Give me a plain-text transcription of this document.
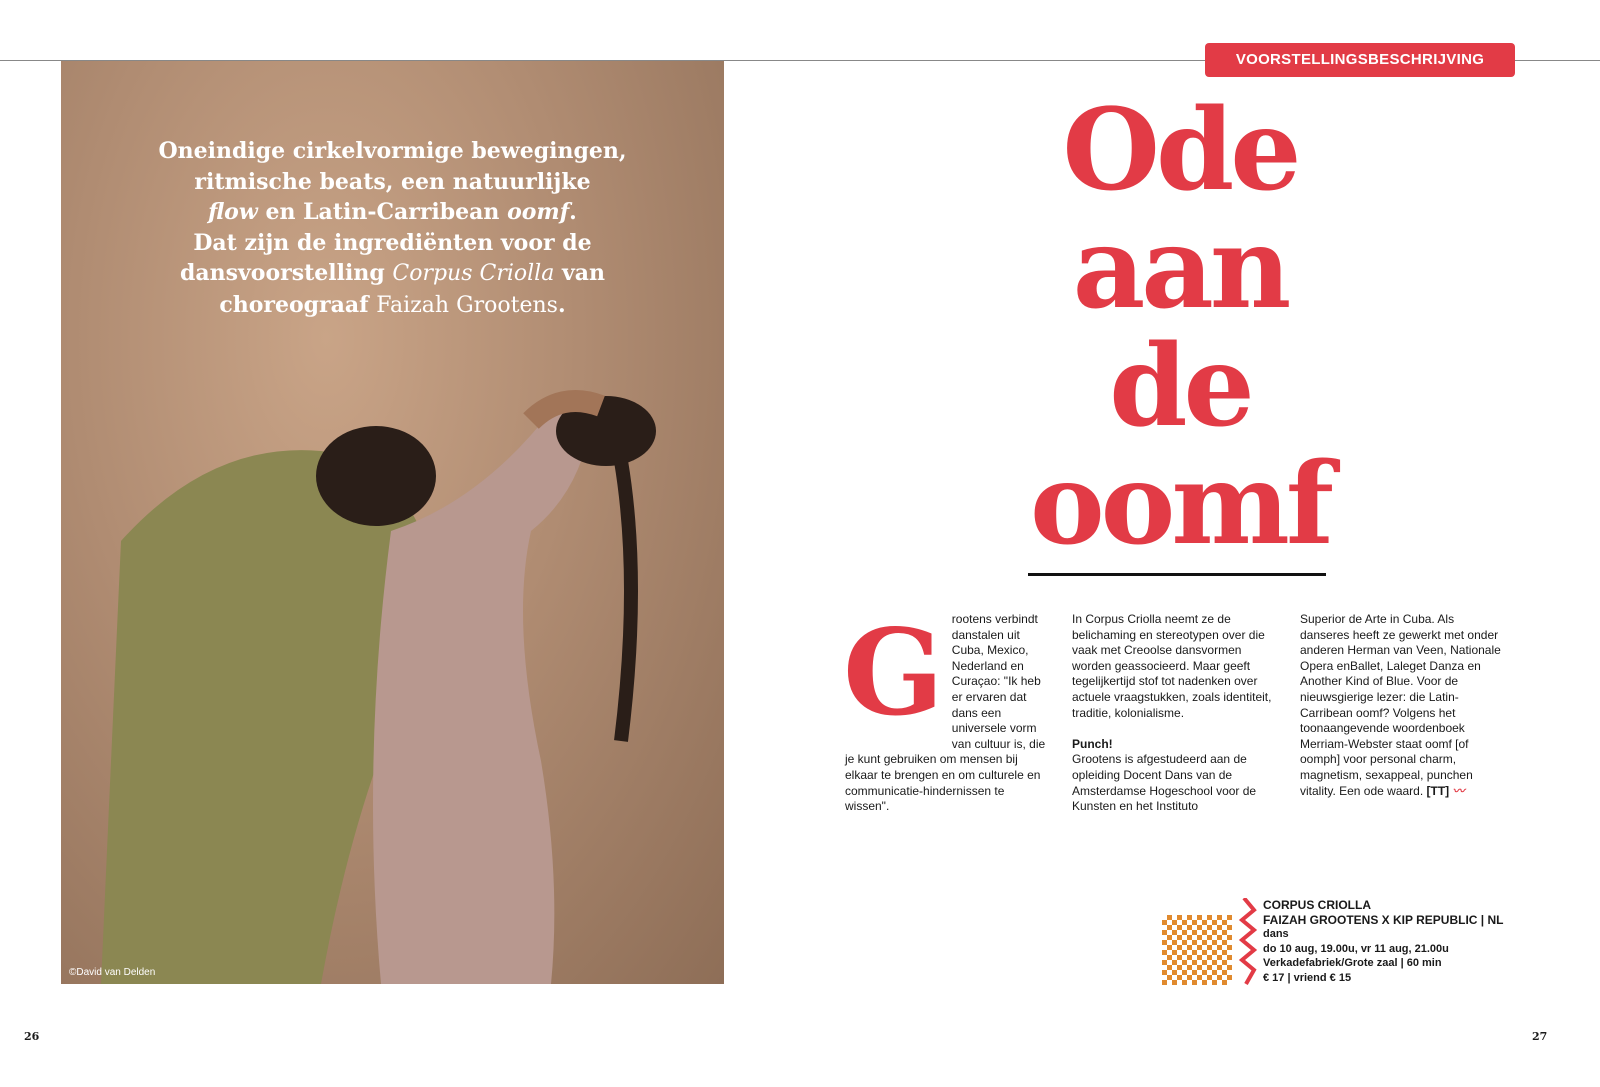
Oneindige cirkelvormige bewegingen,
ritmische beats, een natuurlijke
flow en Latin-Carribean oomf.
Dat zijn de ingrediënten voor de
dansvoorstelling Corpus Criolla van
choreograaf Faizah Grootens.
©David van Delden
VOORSTELLINGSBESCHRIJVING
Ode
aan
de
oomf
Grootens verbindt danstalen uit Cuba, Mexico, Nederland en Curaçao: "Ik heb er ervaren dat dans een universele vorm van cultuur is, die je kunt gebruiken om mensen bij elkaar te brengen en om culturele en communicatie-hindernissen te wissen".

In Corpus Criolla neemt ze de belichaming en stereotypen over die vaak met Creoolse dansvormen worden geassocieerd. Maar geeft tegelijkertijd stof tot nadenken over actuele vraagstukken, zoals identiteit, traditie, kolonialisme.

Punch!

Grootens is afgestudeerd aan de opleiding Docent Dans van de Amsterdamse Hogeschool voor de Kunsten en het Instituto

Superior de Arte in Cuba. Als danseres heeft ze gewerkt met onder anderen Herman van Veen, Nationale Opera enBallet, Laleget Danza en Another Kind of Blue. Voor de nieuwsgierige lezer: die Latin-Carribean oomf? Volgens het toonaangevende woordenboek Merriam-Webster staat oomf [of oomph] voor personal charm, magnetism, sexappeal, punchen vitality. Een ode waard. [TT] 〰
CORPUS CRIOLLA
FAIZAH GROOTENS X KIP REPUBLIC | NL
dans
do 10 aug, 19.00u, vr 11 aug, 21.00u
Verkadefabriek/Grote zaal | 60 min
€ 17 | vriend € 15
26	27
